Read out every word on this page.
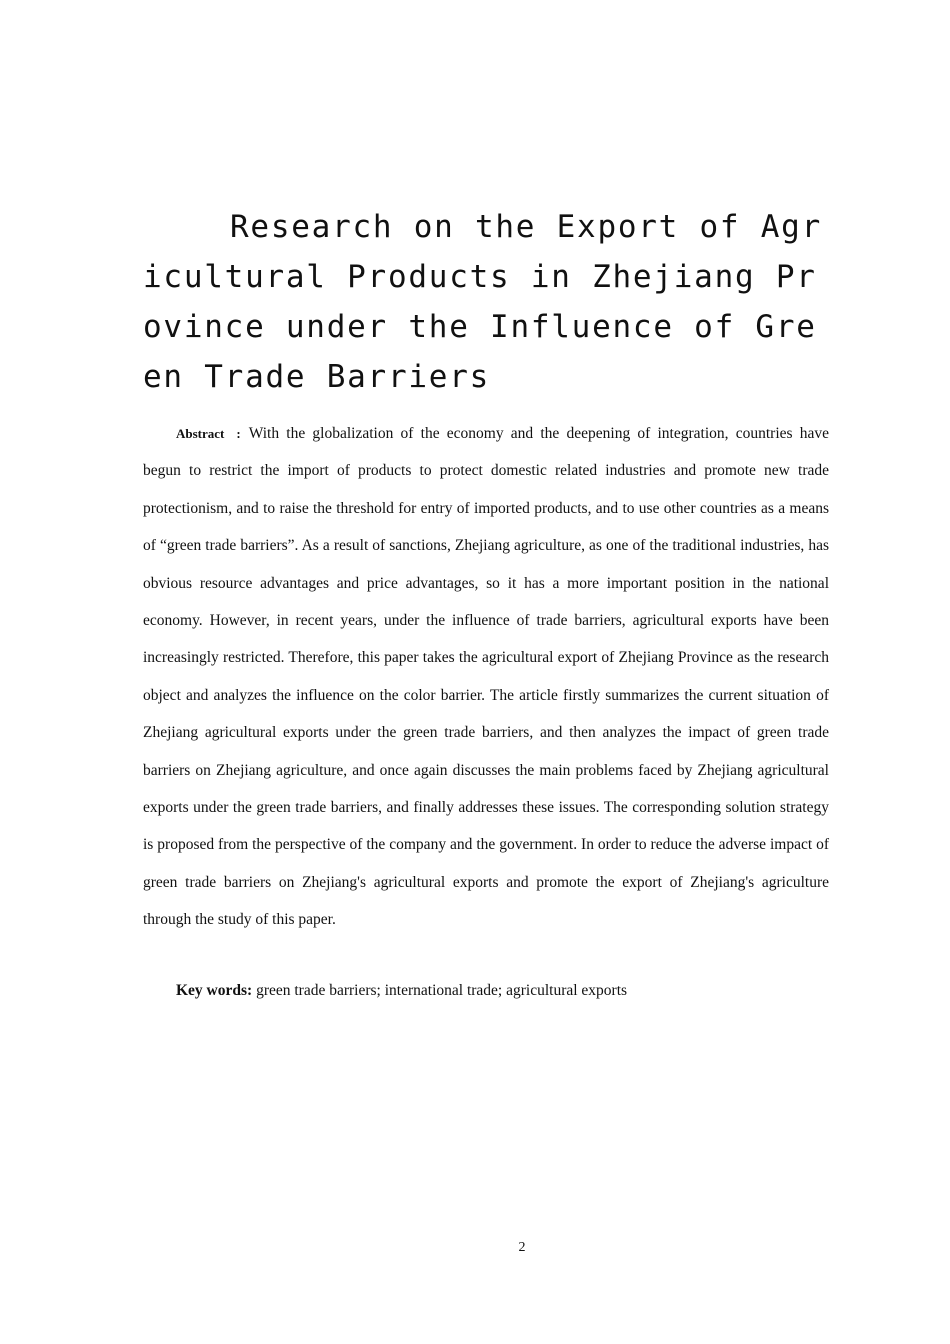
Research on the Export of Agricultural Products in Zhejiang Province under the Influence of Green Trade Barriers

Abstract : With the globalization of the economy and the deepening of integration, countries have begun to restrict the import of products to protect domestic related industries and promote new trade protectionism, and to raise the threshold for entry of imported products, and to use other countries as a means of “green trade barriers”. As a result of sanctions, Zhejiang agriculture, as one of the traditional industries, has obvious resource advantages and price advantages, so it has a more important position in the national economy. However, in recent years, under the influence of trade barriers, agricultural exports have been increasingly restricted. Therefore, this paper takes the agricultural export of Zhejiang Province as the research object and analyzes the influence on the color barrier. The article firstly summarizes the current situation of Zhejiang agricultural exports under the green trade barriers, and then analyzes the impact of green trade barriers on Zhejiang agriculture, and once again discusses the main problems faced by Zhejiang agricultural exports under the green trade barriers, and finally addresses these issues. The corresponding solution strategy is proposed from the perspective of the company and the government. In order to reduce the adverse impact of green trade barriers on Zhejiang's agricultural exports and promote the export of Zhejiang's agriculture through the study of this paper.

Key words: green trade barriers; international trade; agricultural exports

2
